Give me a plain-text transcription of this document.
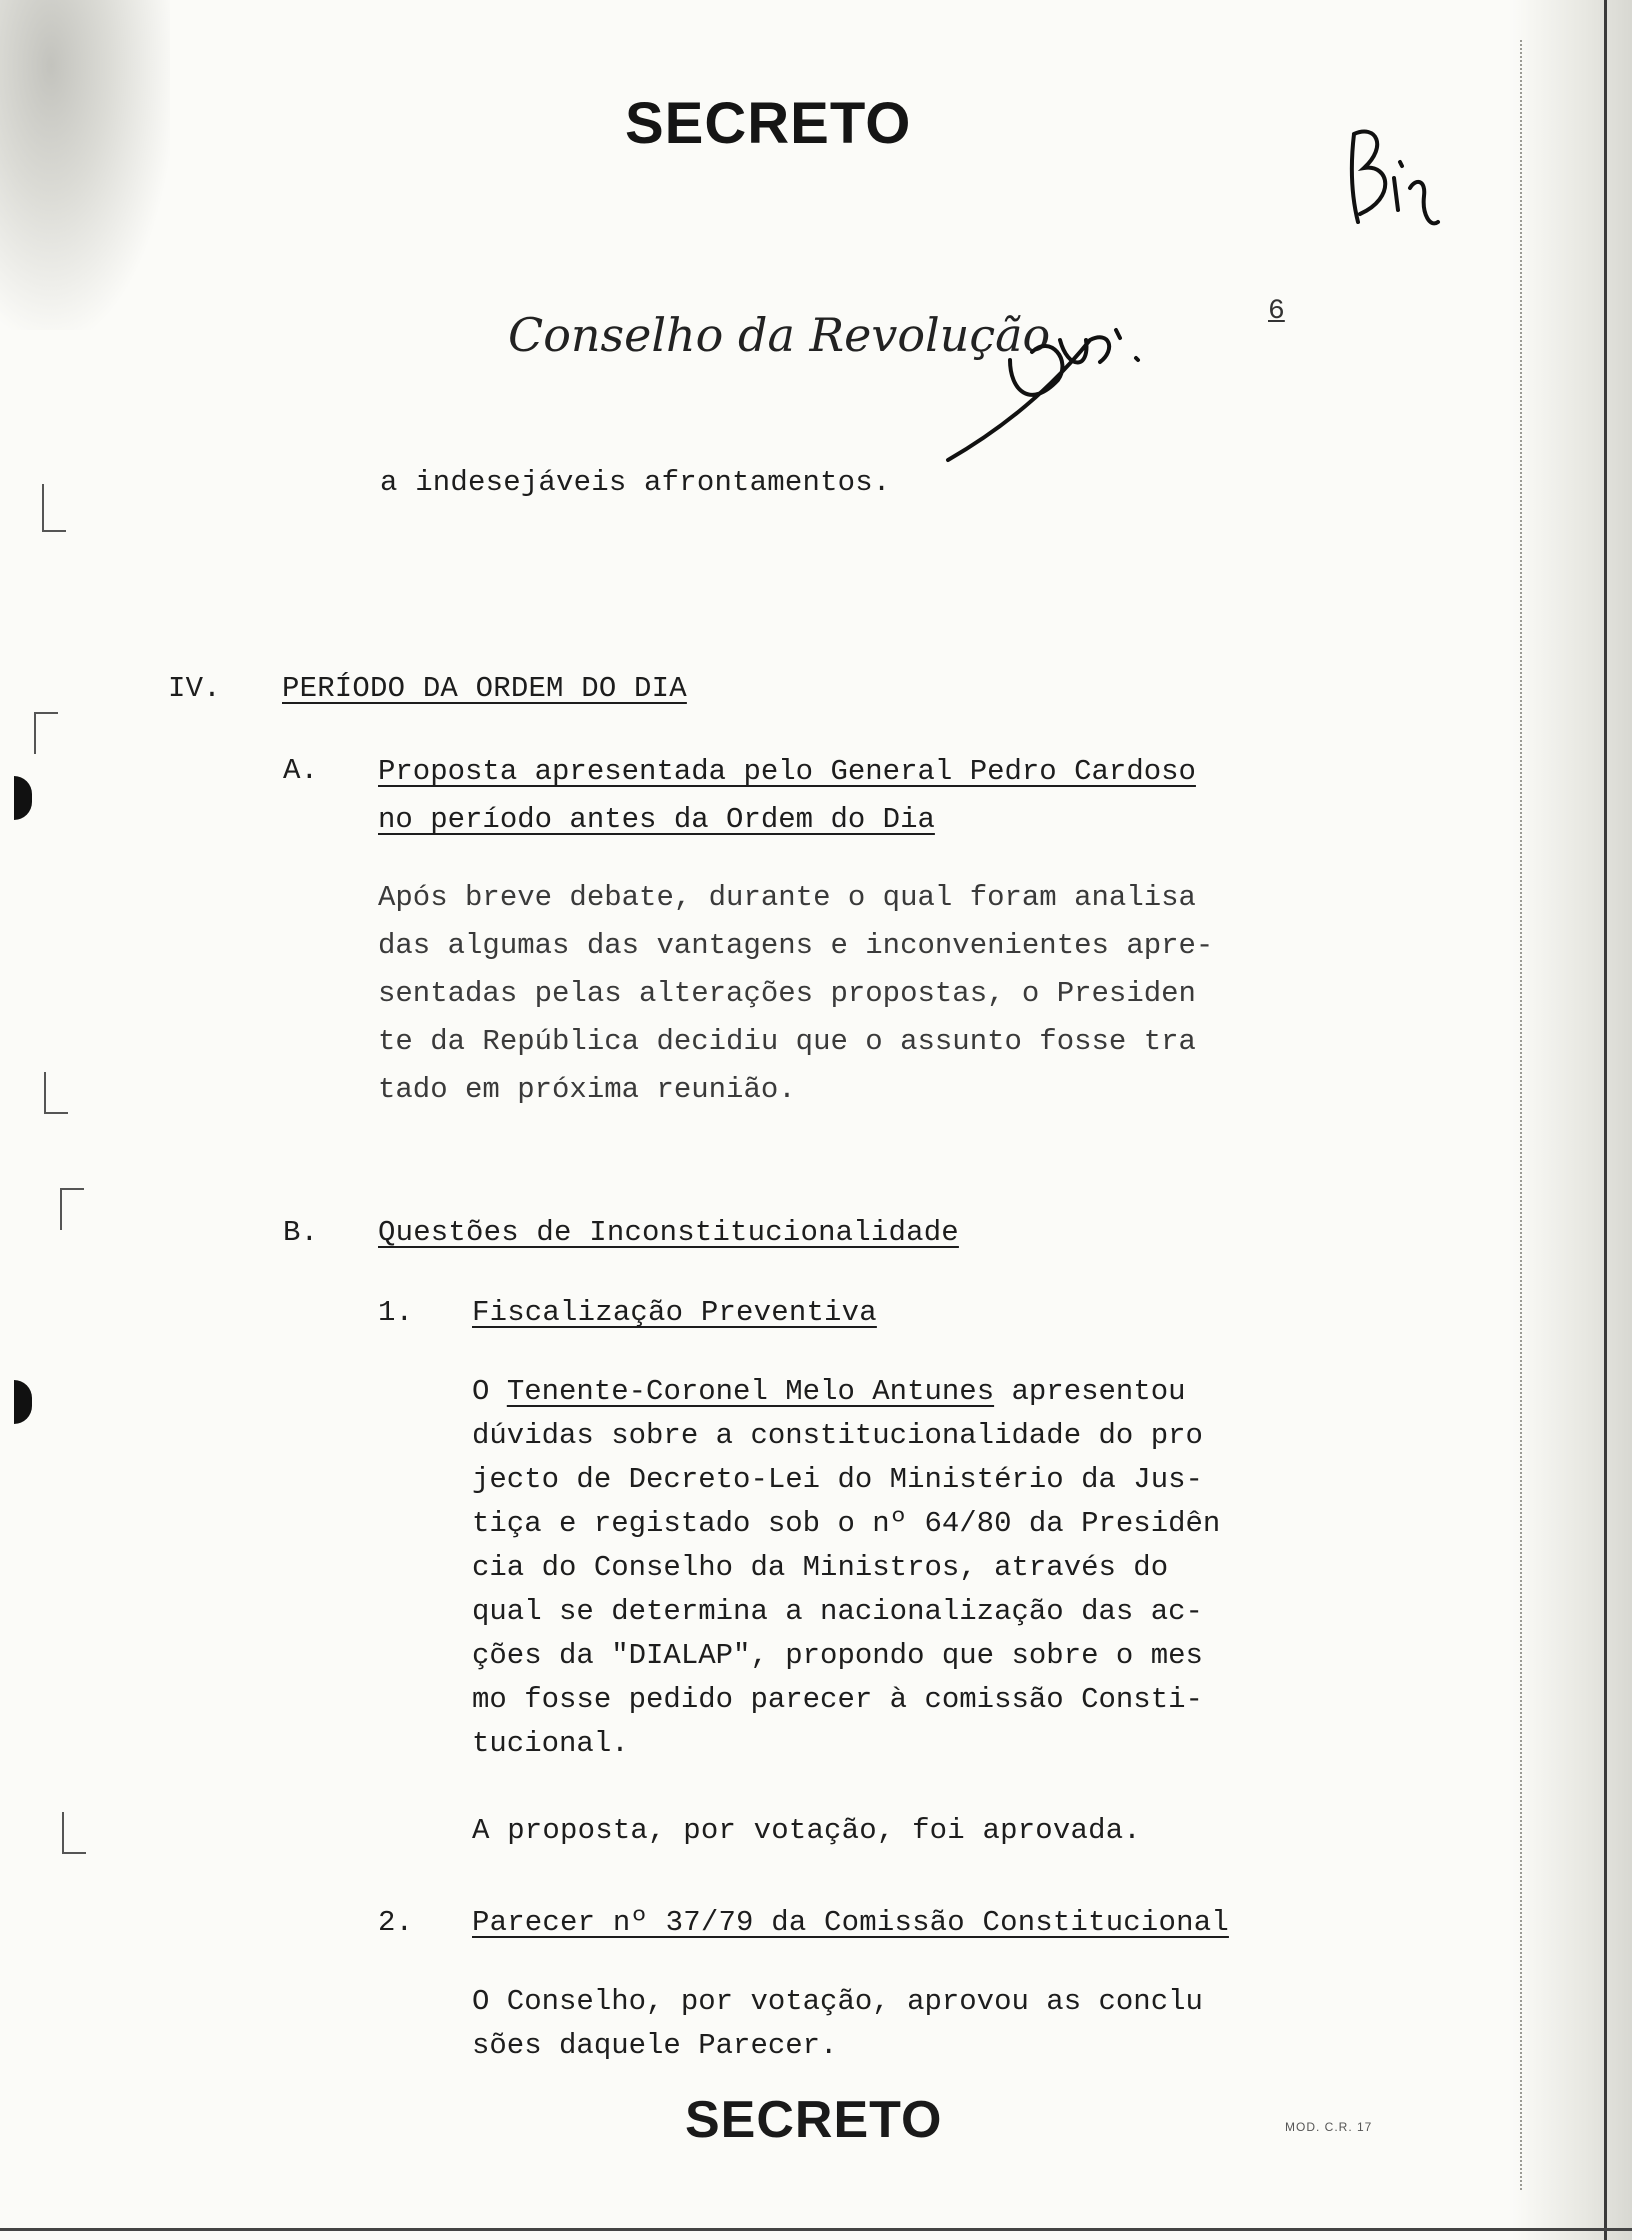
SECRETO
Conselho da Revolução	6
Bia
a indesejáveis afrontamentos.
IV. PERÍODO DA ORDEM DO DIA
A. Proposta apresentada pelo General Pedro Cardoso
no período antes da Ordem do Dia
Após breve debate, durante o qual foram analisa
das algumas das vantagens e inconvenientes apre-
sentadas pelas alterações propostas, o Presiden
te da República decidiu que o assunto fosse tra
tado em próxima reunião.
B. Questões de Inconstitucionalidade
1. Fiscalização Preventiva
O Tenente-Coronel Melo Antunes apresentou
dúvidas sobre a constitucionalidade do pro
jecto de Decreto-Lei do Ministério da Jus-
tiça e registado sob o nº 64/80 da Presidên
cia do Conselho da Ministros, através do
qual se determina a nacionalização das ac-
ções da "DIALAP", propondo que sobre o mes
mo fosse pedido parecer à comissão Consti-
tucional.
A proposta, por votação, foi aprovada.
2. Parecer nº 37/79 da Comissão Constitucional
O Conselho, por votação, aprovou as conclu
sões daquele Parecer.
SECRETO	MOD. C.R. 17
